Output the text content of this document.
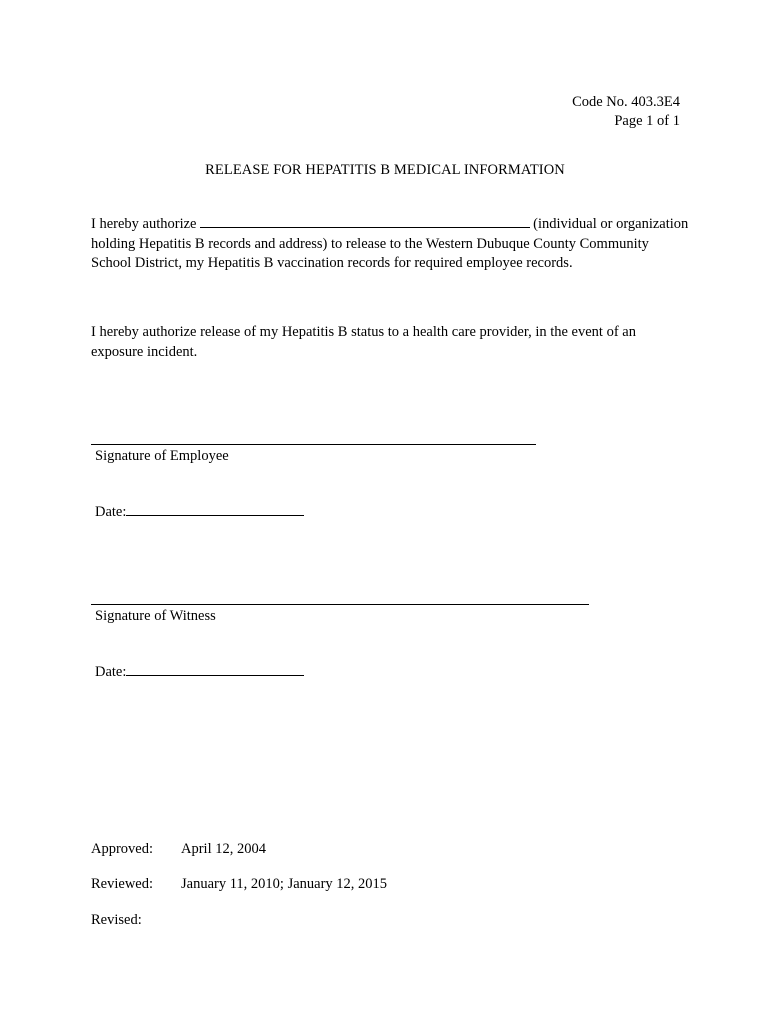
Code No. 403.3E4
Page 1 of 1
RELEASE FOR HEPATITIS B MEDICAL INFORMATION

I hereby authorize	(individual or organization holding Hepatitis B records and address) to release to the Western Dubuque County Community School District, my Hepatitis B vaccination records for required employee records.

I hereby authorize release of my Hepatitis B status to a health care provider, in the event of an exposure incident.

Signature of Employee
Date:
Signature of Witness
Date:
Approved: April 12, 2004
Reviewed: January 11, 2010; January 12, 2015
Revised:
